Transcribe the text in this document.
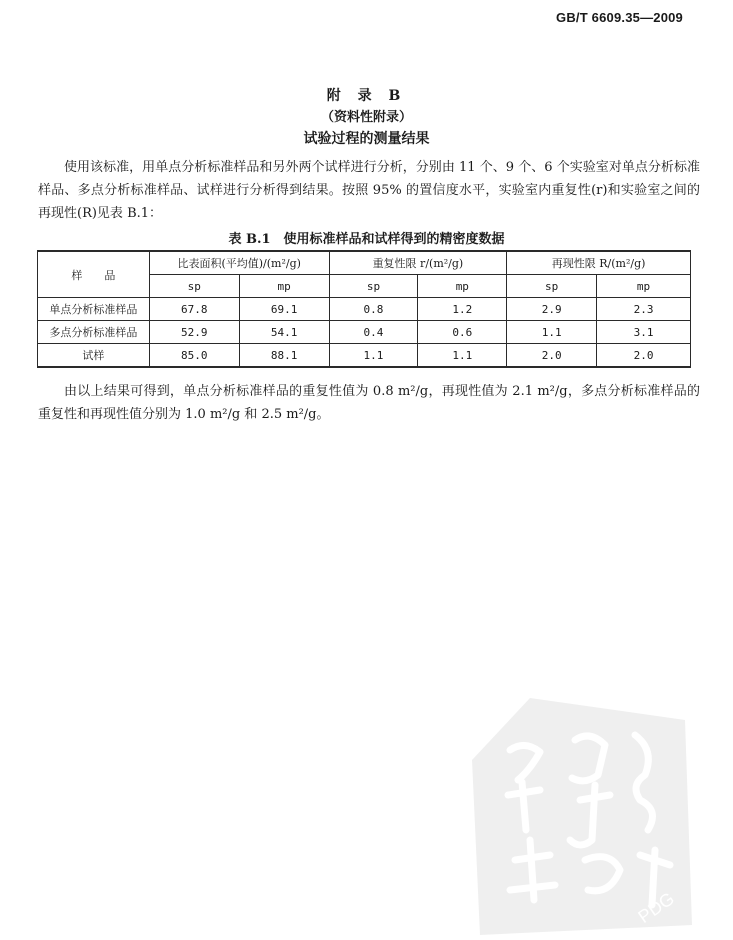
GB/T 6609.35—2009
附 录 B
（资料性附录）
试验过程的测量结果

使用该标准，用单点分析标准样品和另外两个试样进行分析，分别由 11 个、9 个、6 个实验室对单点分析标准样品、多点分析标准样品、试样进行分析得到结果。按照 95% 的置信度水平，实验室内重复性(r)和实验室之间的再现性(R)见表 B.1：

表 B.1　使用标准样品和试样得到的精密度数据
样　　品	比表面积(平均值)/(m²/g)		重复性限 r/(m²/g)		再现性限 R/(m²/g)	
	sp	mp	sp	mp	sp	mp
单点分析标准样品	67.8	69.1	0.8	1.2	2.9	2.3
多点分析标准样品	52.9	54.1	0.4	0.6	1.1	3.1
试样	85.0	88.1	1.1	1.1	2.0	2.0

由以上结果可得到，单点分析标准样品的重复性值为 0.8 m²/g，再现性值为 2.1 m²/g，多点分析标准样品的重复性和再现性值分别为 1.0 m²/g 和 2.5 m²/g。

PDG
